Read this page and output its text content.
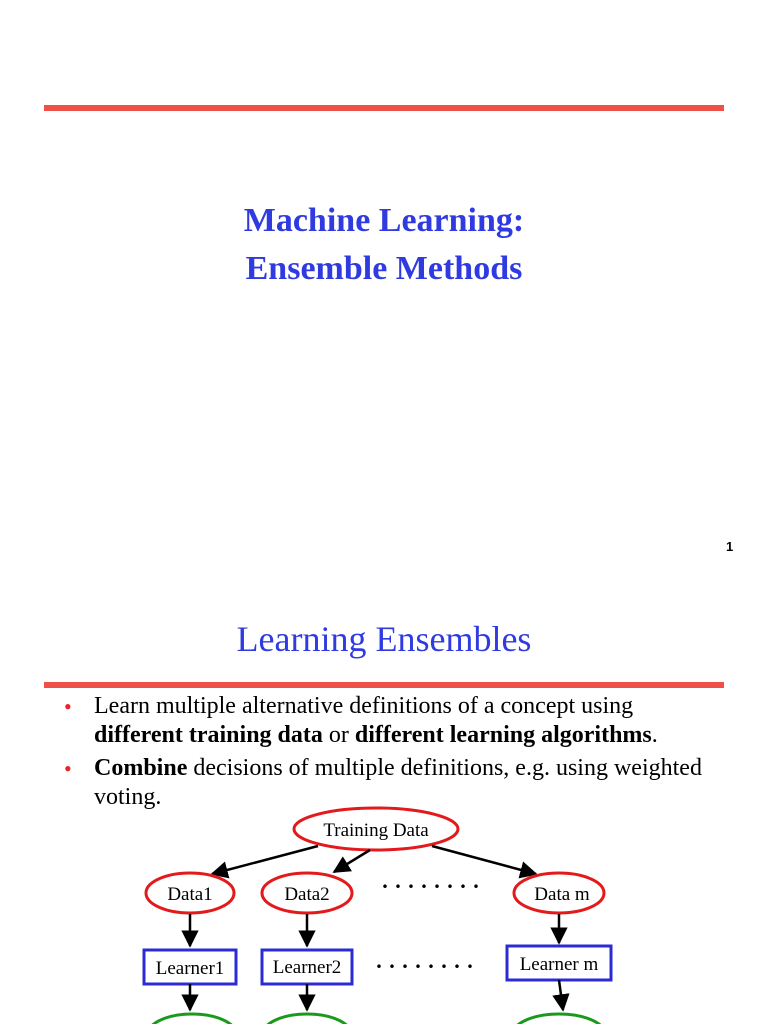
Machine Learning:
Ensemble Methods
1
Learning Ensembles
• Learn multiple alternative definitions of a concept using different training data or different learning algorithms.
• Combine decisions of multiple definitions, e.g. using weighted voting.
Training Data
Data1	Data2
. . . . . . . .
Data m
Learner1	Learner2 . . . . . . . . Learner m
